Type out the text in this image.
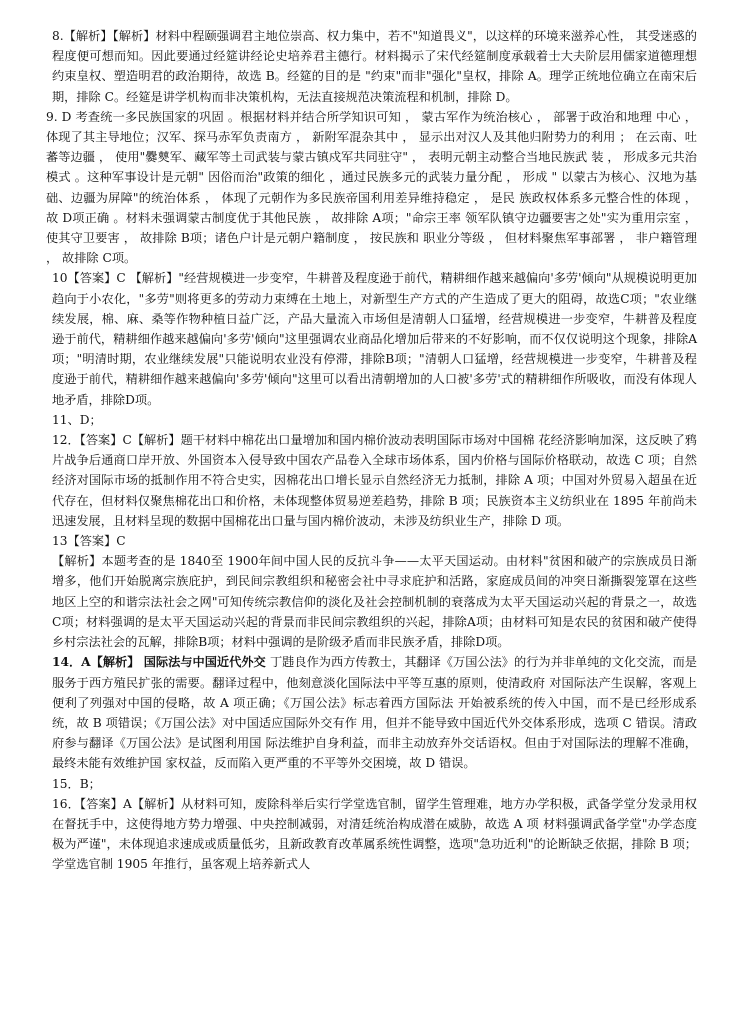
8.【解析】【解析】材料中程颐强调君主地位崇高、权力集中，若不"知道畏义"，以这样的环境来滋养心性， 其受迷惑的程度便可想而知。因此要通过经筵讲经论史培养君主德行。材料揭示了宋代经筵制度承载着士大夫阶层用儒家道德理想约束皇权、塑造明君的政治期待，故选 B。经筵的目的是 "约束"而非"强化"皇权，排除 A。理学正统地位确立在南宋后期，排除 C。经筵是讲学机构而非决策机构，无法直接规范决策流程和机制，排除 D。

9. D 考查统一多民族国家的巩固 。根据材料并结合所学知识可知 ， 蒙古军作为统治核心 ， 部署于政治和地理 中心 ， 体现了其主导地位；汉军、探马赤军负责南方 ， 新附军混杂其中 ， 显示出对汉人及其他归附势力的利用 ； 在云南、吐蕃等边疆 ， 使用"爨僰军、藏军等土司武装与蒙古镇戍军共同驻守" ， 表明元朝主动整合当地民族武 装 ， 形成多元共治模式 。这种军事设计是元朝" 因俗而治"政策的细化 ，通过民族多元的武装力量分配 ， 形成 " 以蒙古为核心、汉地为基础、边疆为屏障"的统治体系 ， 体现了元朝作为多民族帝国利用差异维持稳定 ， 是民 族政权体系多元整合性的体现 ， 故 D项正确 。材料未强调蒙古制度优于其他民族 ， 故排除 A项；"命宗王率 领军队镇守边疆要害之处"实为重用宗室 ， 使其守卫要害 ， 故排除 B项；诸色户计是元朝户籍制度 ， 按民族和 职业分等级 ， 但材料聚焦军事部署 ， 非户籍管理 ， 故排除 C项。

10【答案】C 【解析】"经营规模进一步变窄，牛耕普及程度逊于前代，精耕细作越来越偏向'多劳'倾向"从规模说明更加趋向于小农化，"多劳"则将更多的劳动力束缚在土地上，对新型生产方式的产生造成了更大的阻碍，故选C项；"农业继续发展，棉、麻、桑等作物种植日益广泛，产品大量流入市场但是清朝人口猛增，经营规模进一步变窄，牛耕普及程度逊于前代，精耕细作越来越偏向'多劳'倾向"这里强调农业商品化增加后带来的不好影响，而不仅仅说明这个现象，排除A项；"明清时期，农业继续发展"只能说明农业没有停滞，排除B项；"清朝人口猛增，经营规模进一步变窄，牛耕普及程度逊于前代，精耕细作越来越偏向'多劳'倾向"这里可以看出清朝增加的人口被'多劳'式的精耕细作所吸收，而没有体现人地矛盾，排除D项。

11、D；

12．【答案】C【解析】题干材料中棉花出口量增加和国内棉价波动表明国际市场对中国棉 花经济影响加深，这反映了鸦片战争后通商口岸开放、外国资本入侵导致中国农产品卷入全球市场体系，国内价格与国际价格联动，故选 C 项；自然经济对国际市场的抵制作用不符合史实，因棉花出口增长显示自然经济无力抵制，排除 A 项；中国对外贸易入超虽在近代存在，但材料仅聚焦棉花出口和价格，未体现整体贸易逆差趋势，排除 B 项；民族资本主义纺织业在 1895 年前尚未迅速发展，且材料呈现的数据中国棉花出口量与国内棉价波动，未涉及纺织业生产，排除 D 项。

13【答案】C

【解析】本题考查的是 1840至 1900年间中国人民的反抗斗争——太平天国运动。由材料"贫困和破产的宗族成员日渐增多，他们开始脱离宗族庇护，到民间宗教组织和秘密会社中寻求庇护和活路，家庭成员间的冲突日渐撕裂笼罩在这些地区上空的和谐宗法社会之网"可知传统宗教信仰的淡化及社会控制机制的衰落成为太平天国运动兴起的背景之一，故选C项；材料强调的是太平天国运动兴起的背景而非民间宗教组织的兴起，排除A项；由材料可知是农民的贫困和破产使得乡村宗法社会的瓦解，排除B项；材料中强调的是阶级矛盾而非民族矛盾，排除D项。

14．A【解析】 国际法与中国近代外交 丁韪良作为西方传教士，其翻译《万国公法》的行为并非单纯的文化交流，而是服务于西方殖民扩张的需要。翻译过程中，他刻意淡化国际法中平等互惠的原则，使清政府 对国际法产生误解，客观上便利了列强对中国的侵略，故 A 项正确；《万国公法》标志着西方国际法 开始被系统的传入中国，而不是已经形成系统，故 B 项错误；《万国公法》对中国适应国际外交有作 用，但并不能导致中国近代外交体系形成，选项 C 错误。清政府参与翻译《万国公法》是试图利用国 际法维护自身利益，而非主动放弃外交话语权。但由于对国际法的理解不准确，最终未能有效维护国 家权益，反而陷入更严重的不平等外交困境，故 D 错误。

15．B；

16．【答案】A【解析】从材料可知，废除科举后实行学堂选官制，留学生管理难，地方办学积极，武备学堂分发录用权在督抚手中，这使得地方势力增强、中央控制减弱，对清廷统治构成潜在威胁，故选 A 项 材料强调武备学堂"办学态度极为严谨"，未体现追求速成或质量低劣，且新政教育改革属系统性调整，选项"急功近利"的论断缺乏依据，排除 B 项；学堂选官制 1905 年推行，虽客观上培养新式人
